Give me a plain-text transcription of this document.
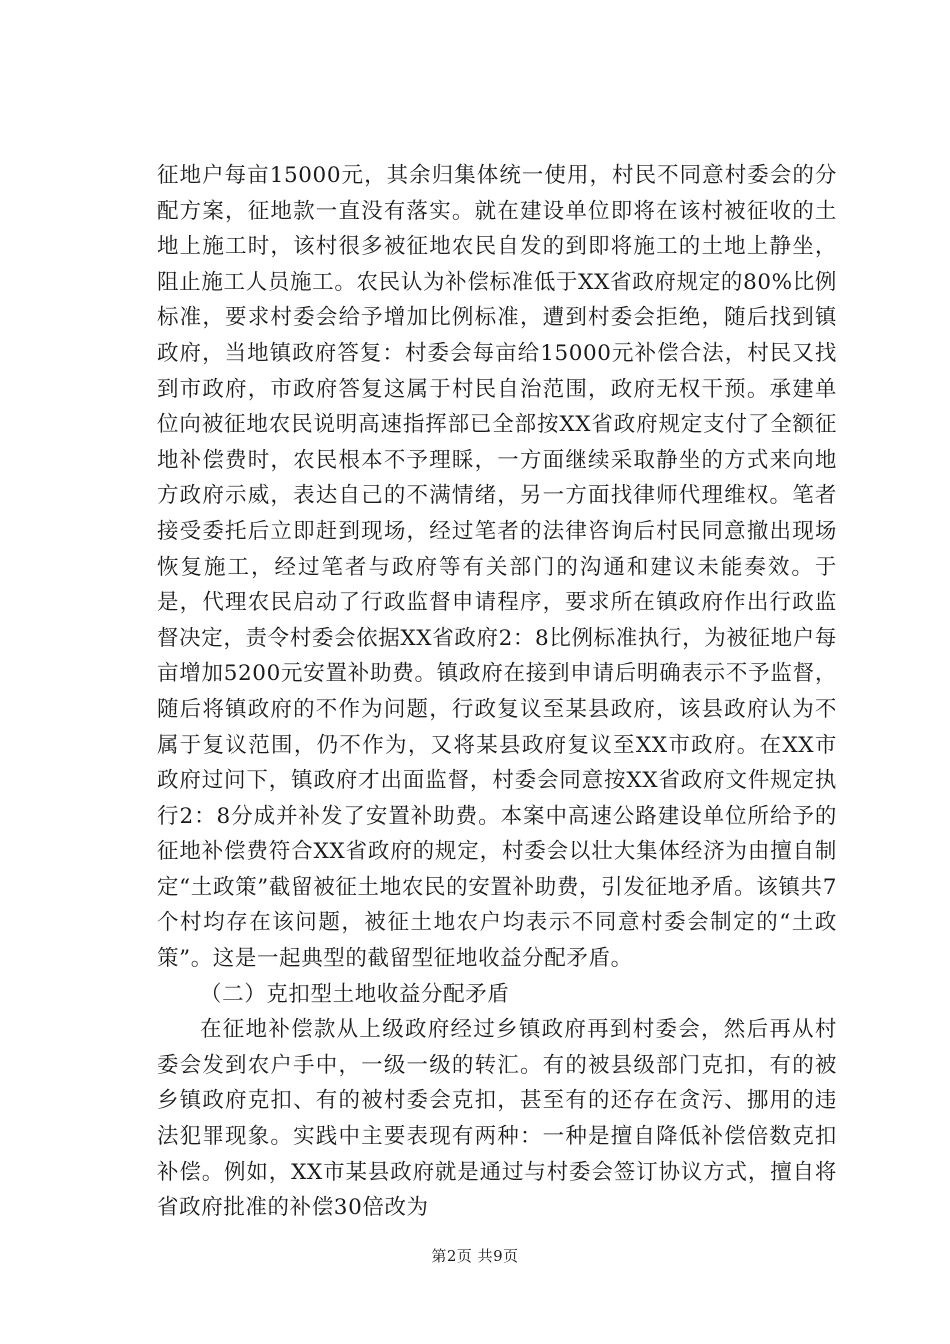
征地户每亩15000元，其余归集体统一使用，村民不同意村委会的分配方案，征地款一直没有落实。就在建设单位即将在该村被征收的土地上施工时，该村很多被征地农民自发的到即将施工的土地上静坐，阻止施工人员施工。农民认为补偿标准低于XX省政府规定的80%比例标准，要求村委会给予增加比例标准，遭到村委会拒绝，随后找到镇政府，当地镇政府答复：村委会每亩给15000元补偿合法，村民又找到市政府，市政府答复这属于村民自治范围，政府无权干预。承建单位向被征地农民说明高速指挥部已全部按XX省政府规定支付了全额征地补偿费时，农民根本不予理睬，一方面继续采取静坐的方式来向地方政府示威，表达自己的不满情绪，另一方面找律师代理维权。笔者接受委托后立即赶到现场，经过笔者的法律咨询后村民同意撤出现场恢复施工，经过笔者与政府等有关部门的沟通和建议未能奏效。于是，代理农民启动了行政监督申请程序，要求所在镇政府作出行政监督决定，责令村委会依据XX省政府2：8比例标准执行，为被征地户每亩增加5200元安置补助费。镇政府在接到申请后明确表示不予监督，随后将镇政府的不作为问题，行政复议至某县政府，该县政府认为不属于复议范围，仍不作为，又将某县政府复议至XX市政府。在XX市政府过问下，镇政府才出面监督，村委会同意按XX省政府文件规定执行2：8分成并补发了安置补助费。本案中高速公路建设单位所给予的征地补偿费符合XX省政府的规定，村委会以壮大集体经济为由擅自制定“土政策”截留被征土地农民的安置补助费，引发征地矛盾。该镇共7个村均存在该问题，被征土地农户均表示不同意村委会制定的“土政策”。这是一起典型的截留型征地收益分配矛盾。

（二）克扣型土地收益分配矛盾

在征地补偿款从上级政府经过乡镇政府再到村委会，然后再从村委会发到农户手中，一级一级的转汇。有的被县级部门克扣，有的被乡镇政府克扣、有的被村委会克扣，甚至有的还存在贪污、挪用的违法犯罪现象。实践中主要表现有两种：一种是擅自降低补偿倍数克扣补偿。例如，XX市某县政府就是通过与村委会签订协议方式，擅自将省政府批准的补偿30倍改为

第2页 共9页
